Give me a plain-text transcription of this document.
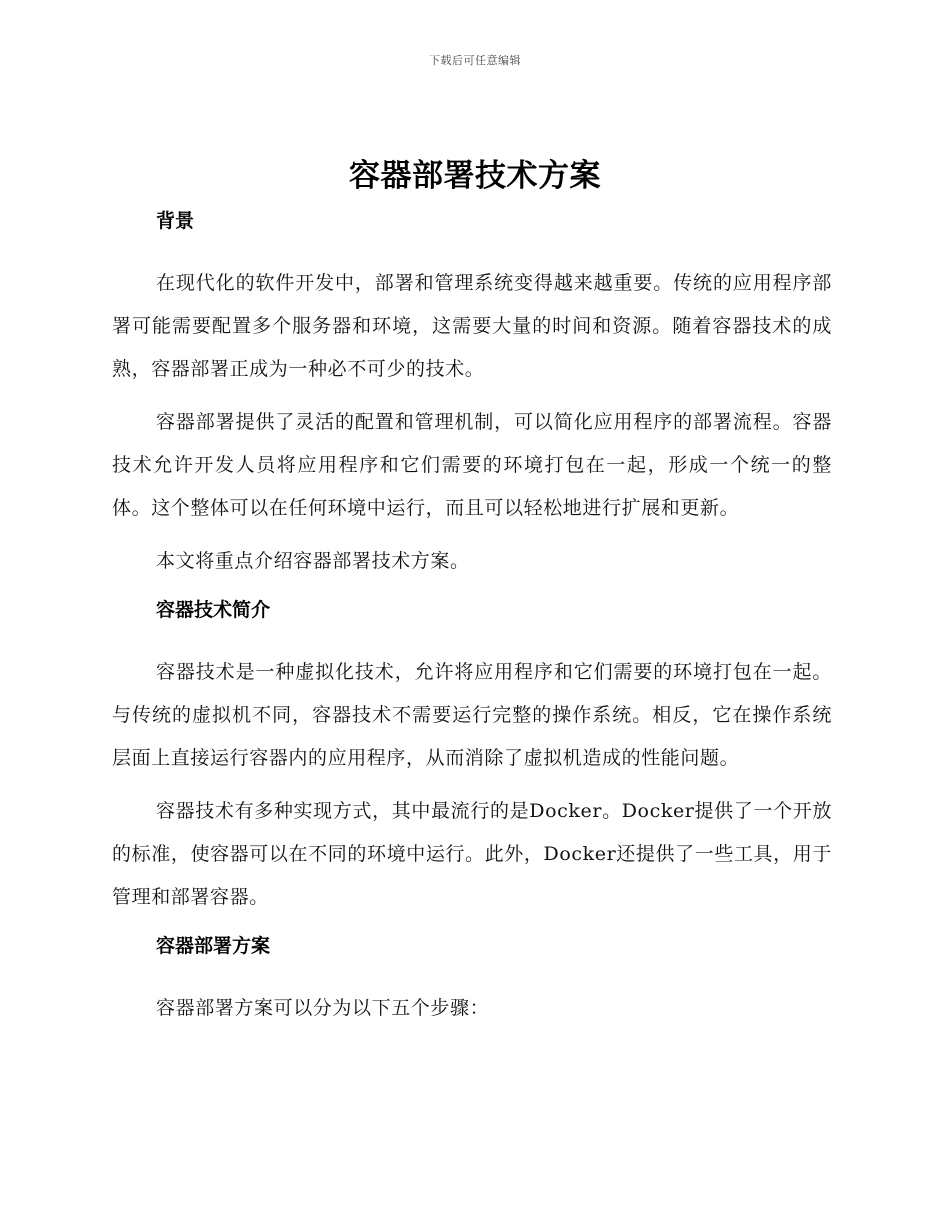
下载后可任意编辑
容器部署技术方案
背景

在现代化的软件开发中，部署和管理系统变得越来越重要。传统的应用程序部署可能需要配置多个服务器和环境，这需要大量的时间和资源。随着容器技术的成熟，容器部署正成为一种必不可少的技术。

容器部署提供了灵活的配置和管理机制，可以简化应用程序的部署流程。容器技术允许开发人员将应用程序和它们需要的环境打包在一起，形成一个统一的整体。这个整体可以在任何环境中运行，而且可以轻松地进行扩展和更新。

本文将重点介绍容器部署技术方案。

容器技术简介

容器技术是一种虚拟化技术，允许将应用程序和它们需要的环境打包在一起。与传统的虚拟机不同，容器技术不需要运行完整的操作系统。相反，它在操作系统层面上直接运行容器内的应用程序，从而消除了虚拟机造成的性能问题。

容器技术有多种实现方式，其中最流行的是Docker。Docker提供了一个开放的标准，使容器可以在不同的环境中运行。此外，Docker还提供了一些工具，用于管理和部署容器。

容器部署方案

容器部署方案可以分为以下五个步骤：
